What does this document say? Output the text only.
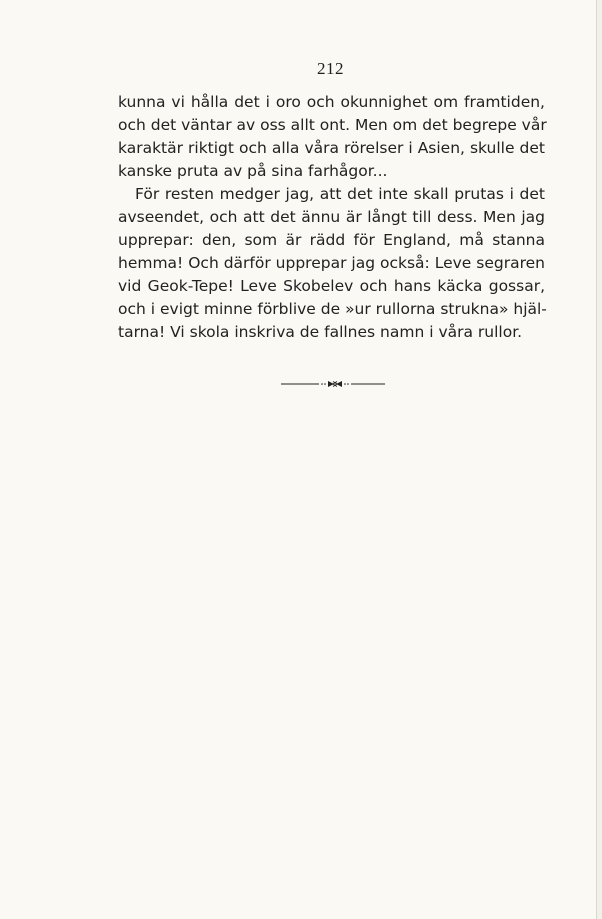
212
kunna vi hålla det i oro och okunnighet om framtiden,
och det väntar av oss allt ont. Men om det begrepe vår
karaktär riktigt och alla våra rörelser i Asien, skulle det
kanske pruta av på sina farhågor...
För resten medger jag, att det inte skall prutas i det
avseendet, och att det ännu är långt till dess. Men jag
upprepar: den, som är rädd för England, må stanna
hemma! Och därför upprepar jag också: Leve segraren
vid Geok-Tepe! Leve Skobelev och hans käcka gossar,
och i evigt minne förblive de »ur rullorna strukna» hjäl-
tarna! Vi skola inskriva de fallnes namn i våra rullor.
